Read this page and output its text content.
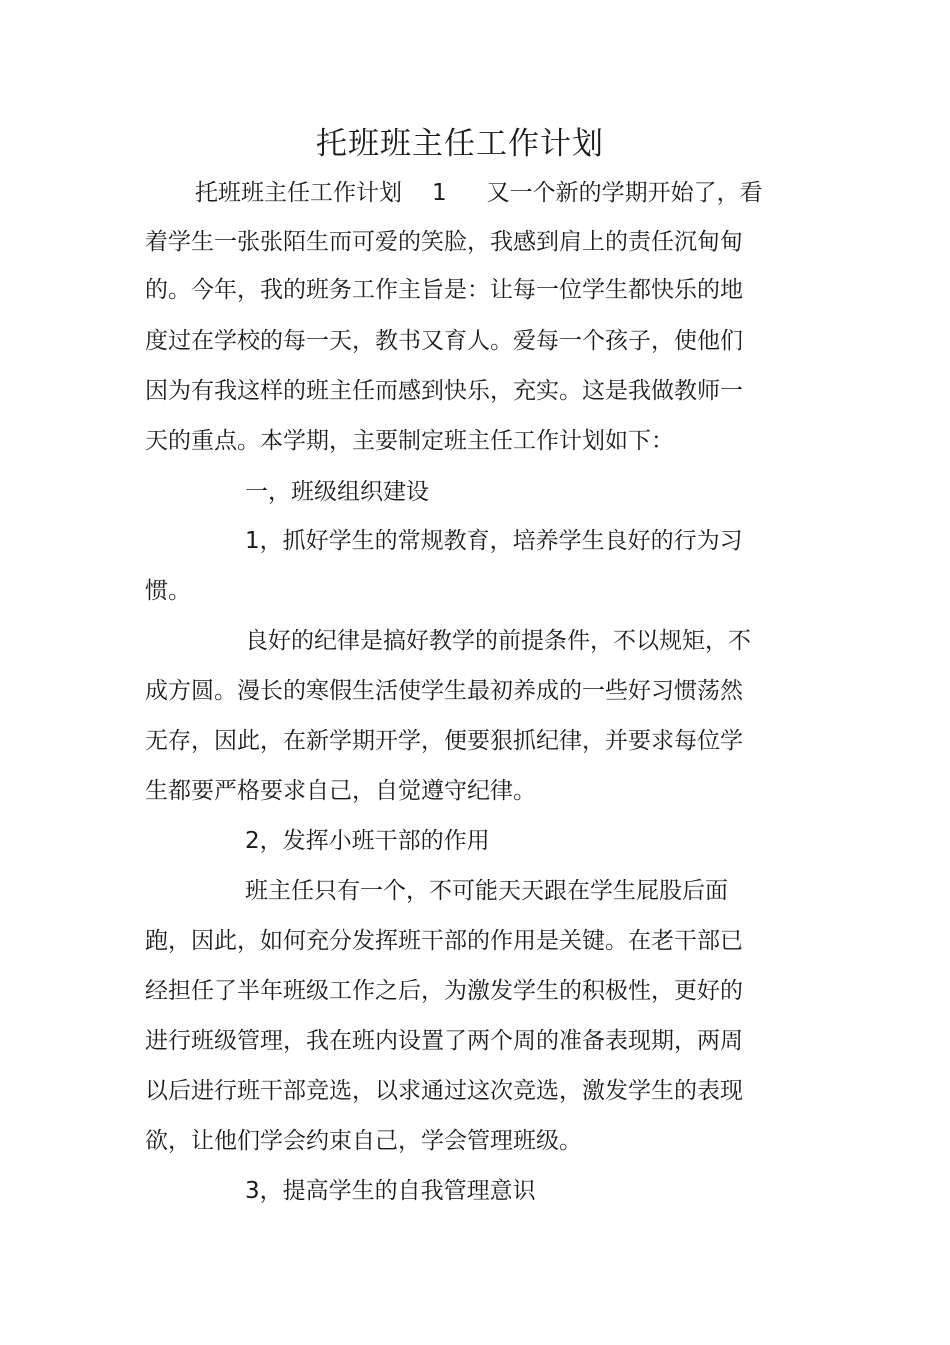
托班班主任工作计划

托班班主任工作计划 1 又一个新的学期开始了，看

着学生一张张陌生而可爱的笑脸，我感到肩上的责任沉甸甸

的。今年，我的班务工作主旨是：让每一位学生都快乐的地

度过在学校的每一天，教书又育人。爱每一个孩子，使他们

因为有我这样的班主任而感到快乐，充实。这是我做教师一

天的重点。本学期，主要制定班主任工作计划如下：

一，班级组织建设

1，抓好学生的常规教育，培养学生良好的行为习

惯。

良好的纪律是搞好教学的前提条件，不以规矩，不

成方圆。漫长的寒假生活使学生最初养成的一些好习惯荡然

无存，因此，在新学期开学，便要狠抓纪律，并要求每位学

生都要严格要求自己，自觉遵守纪律。

2，发挥小班干部的作用

班主任只有一个，不可能天天跟在学生屁股后面

跑，因此，如何充分发挥班干部的作用是关键。在老干部已

经担任了半年班级工作之后，为激发学生的积极性，更好的

进行班级管理，我在班内设置了两个周的准备表现期，两周

以后进行班干部竞选，以求通过这次竞选，激发学生的表现

欲，让他们学会约束自己，学会管理班级。

3，提高学生的自我管理意识
